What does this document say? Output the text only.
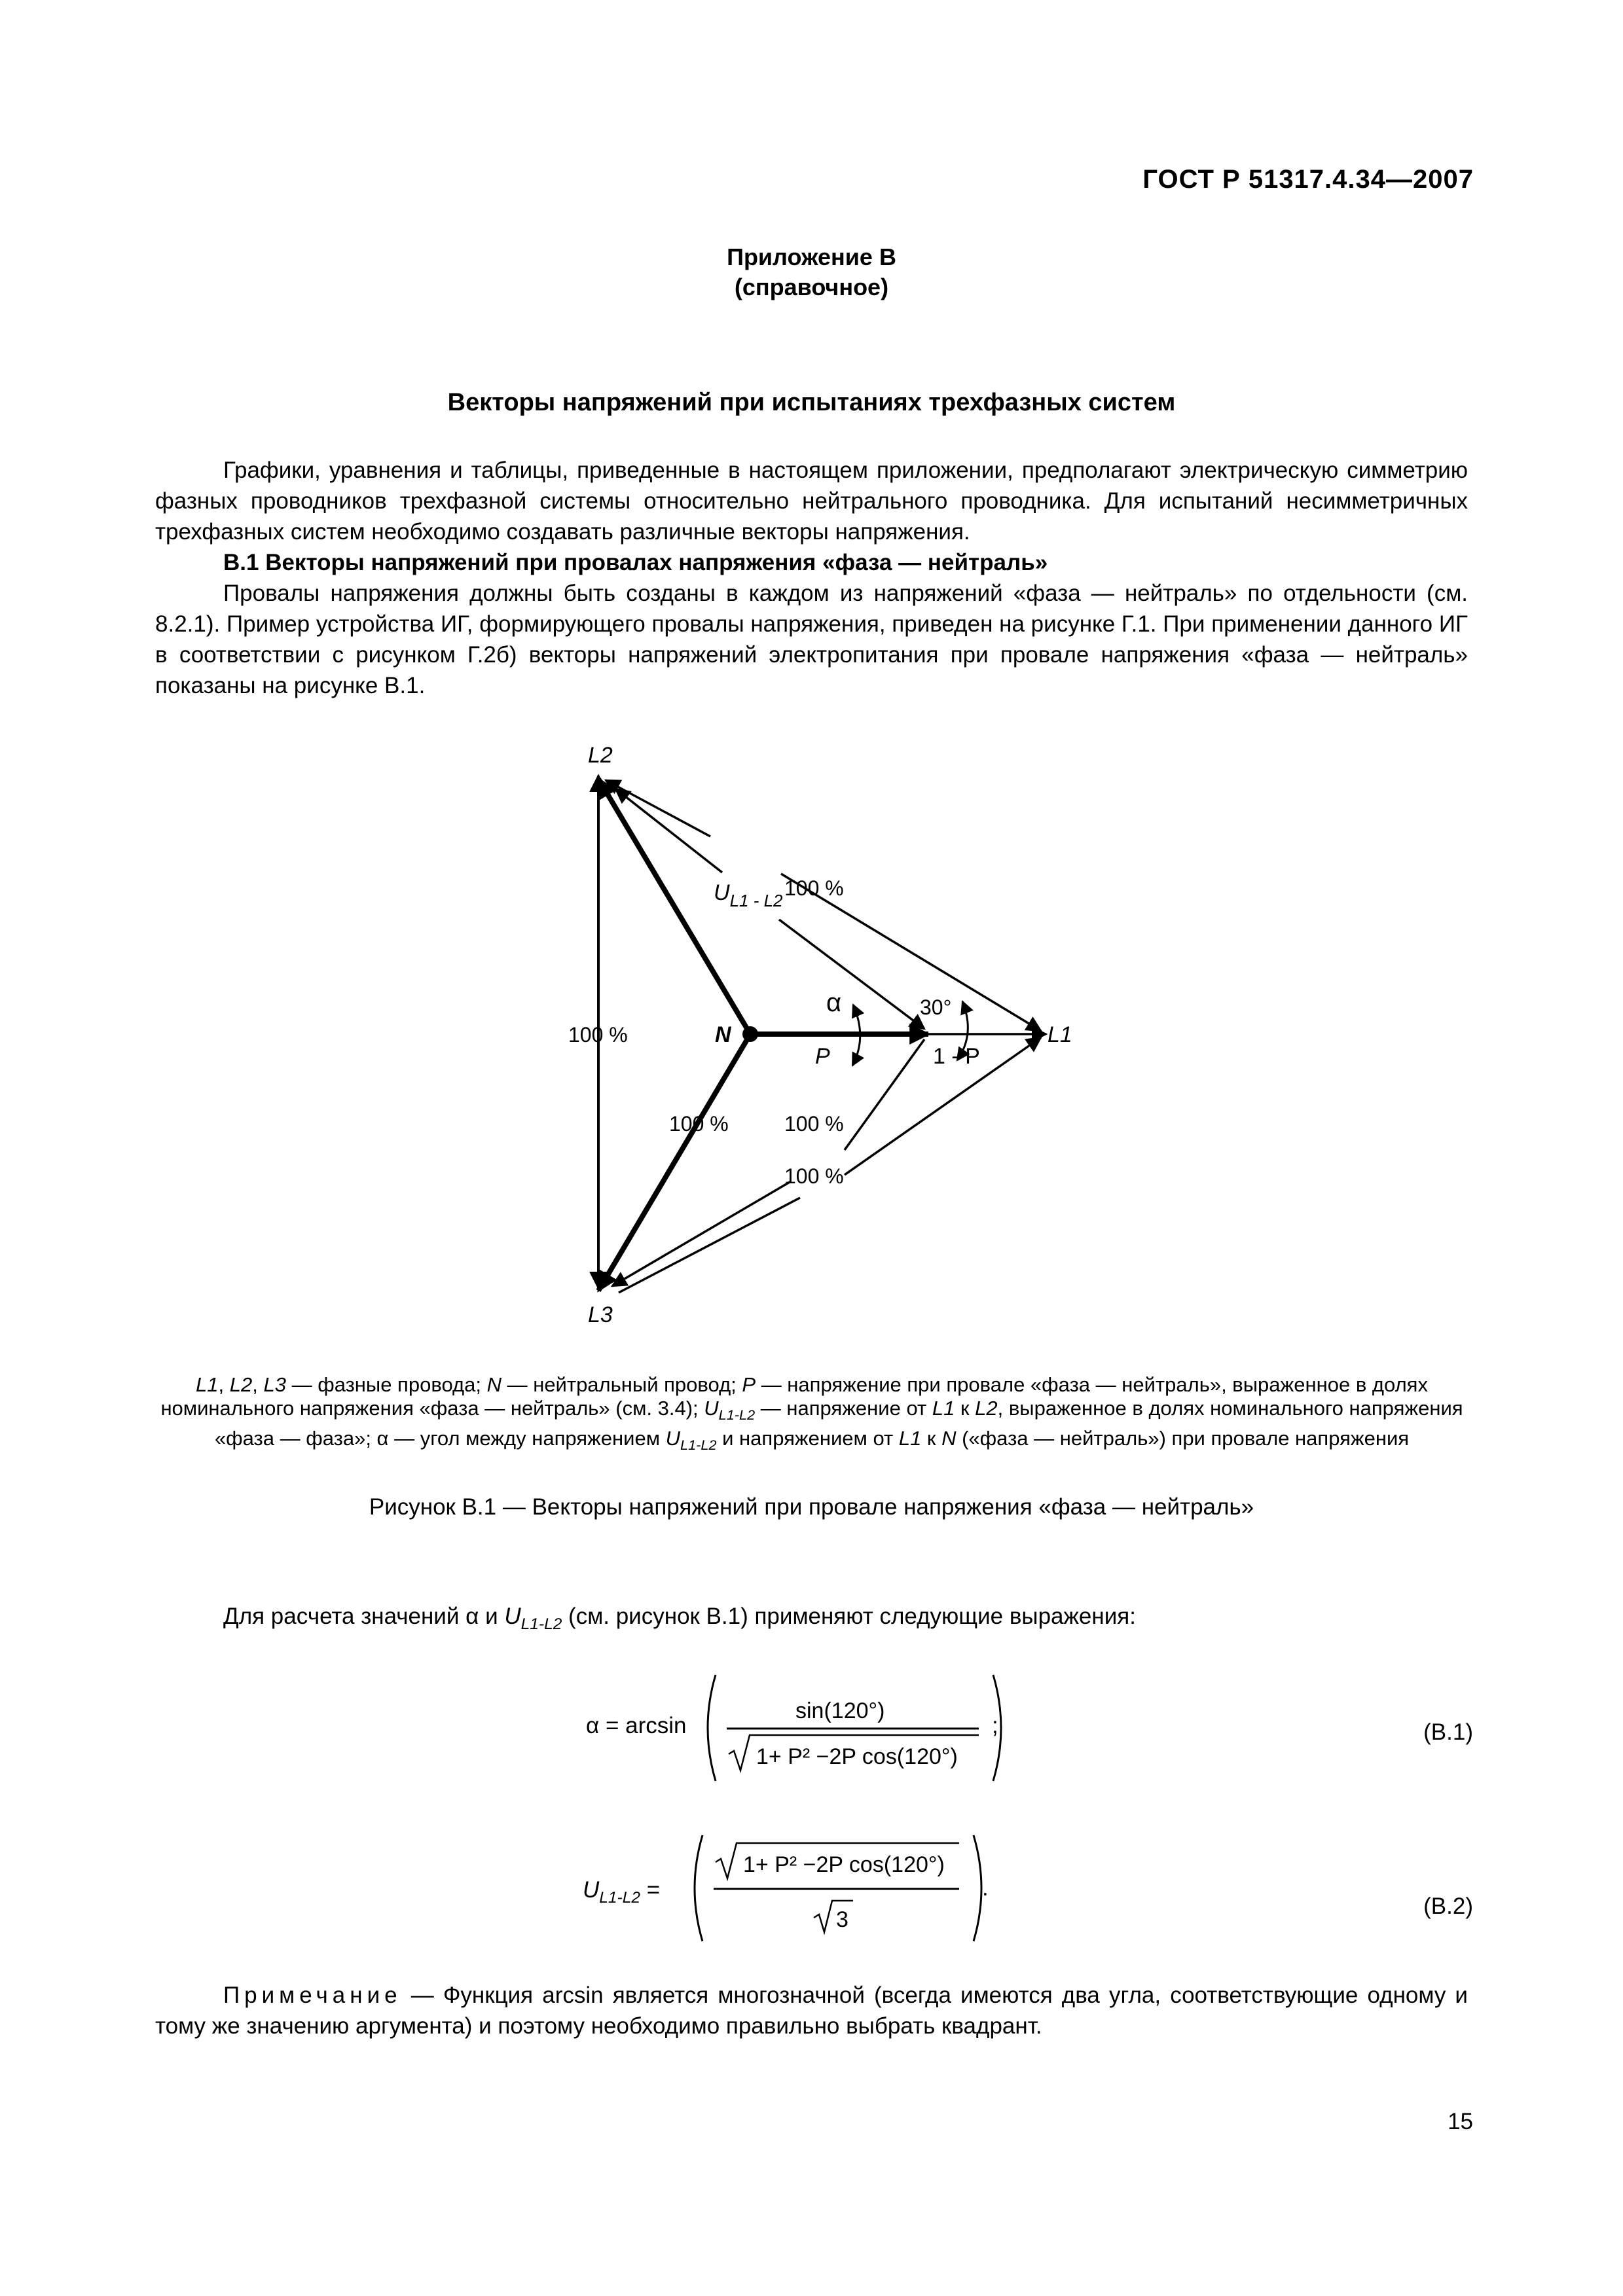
ГОСТ Р 51317.4.34—2007
Приложение В
(справочное)
Векторы напряжений при испытаниях трехфазных систем

Графики, уравнения и таблицы, приведенные в настоящем приложении, предполагают электрическую симметрию фазных проводников трехфазной системы относительно нейтрального проводника. Для испытаний несимметричных трехфазных систем необходимо создавать различные векторы напряжения.

В.1 Векторы напряжений при провалах напряжения «фаза — нейтраль»

Провалы напряжения должны быть созданы в каждом из напряжений «фаза — нейтраль» по отдельности (см. 8.2.1). Пример устройства ИГ, формирующего провалы напряжения, приведен на рисунке Г.1. При применении данного ИГ в соответствии с рисунком Г.2б) векторы напряжений электропитания при провале напряжения «фаза — нейтраль» показаны на рисунке В.1.

L2
L3
L1
N
P	1 - P
α	30°
$U_{L1 - L2}$
100 %
100 %
100 %	100 %
100 %
L1, L2, L3 — фазные провода; N — нейтральный провод; P — напряжение при провале «фаза — нейтраль», выраженное в долях номинального напряжения «фаза — нейтраль» (см. 3.4); $U_{L1-L2}$ — напряжение от L1 к L2, выраженное в долях номинального напряжения «фаза — фаза»; α — угол между напряжением $U_{L1-L2}$ и напряжением от L1 к N («фаза — нейтраль») при провале напряжения
Рисунок В.1 — Векторы напряжений при провале напряжения «фаза — нейтраль»
Для расчета значений α и $U_{L1-L2}$ (см. рисунок В.1) применяют следующие выражения:
α = arcsin
sin(120°)
1+ P² −2P cos(120°)
;	(В.1)
$U_{L1-L2}$ =
1+ P² −2P cos(120°)
3
.
(В.2)

Примечание — Функция arcsin является многозначной (всегда имеются два угла, соответствующие одному и тому же значению аргумента) и поэтому необходимо правильно выбрать квадрант.

15
